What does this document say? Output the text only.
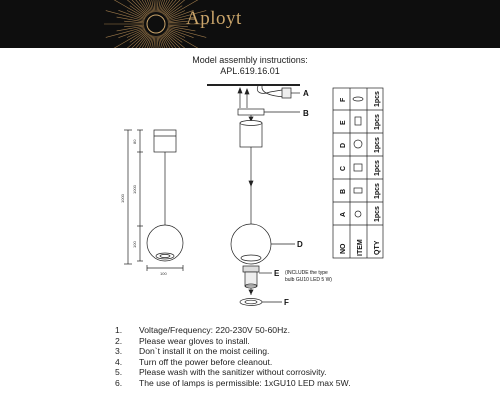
Aployt
Model assembly instructions:
APL.619.16.01
1000
80
1000
100
100
A
B
D
E
F
(INCLUDE the type
bulb GU10 LED 5 W)
NO ITEM QTY
A
B
C
D
E
F
1pcs
1pcs
1pcs
1pcs
1pcs
1pcs
1. Voltage/Frequency: 220-230V 50-60Hz.
2. Please wear gloves to install.
3. Don`t install it on the moist ceiling.
4. Turn off the power before cleanout.
5. Please wash with the sanitizer without corrosivity.
6. The use of lamps is permissible: 1xGU10 LED max 5W.
